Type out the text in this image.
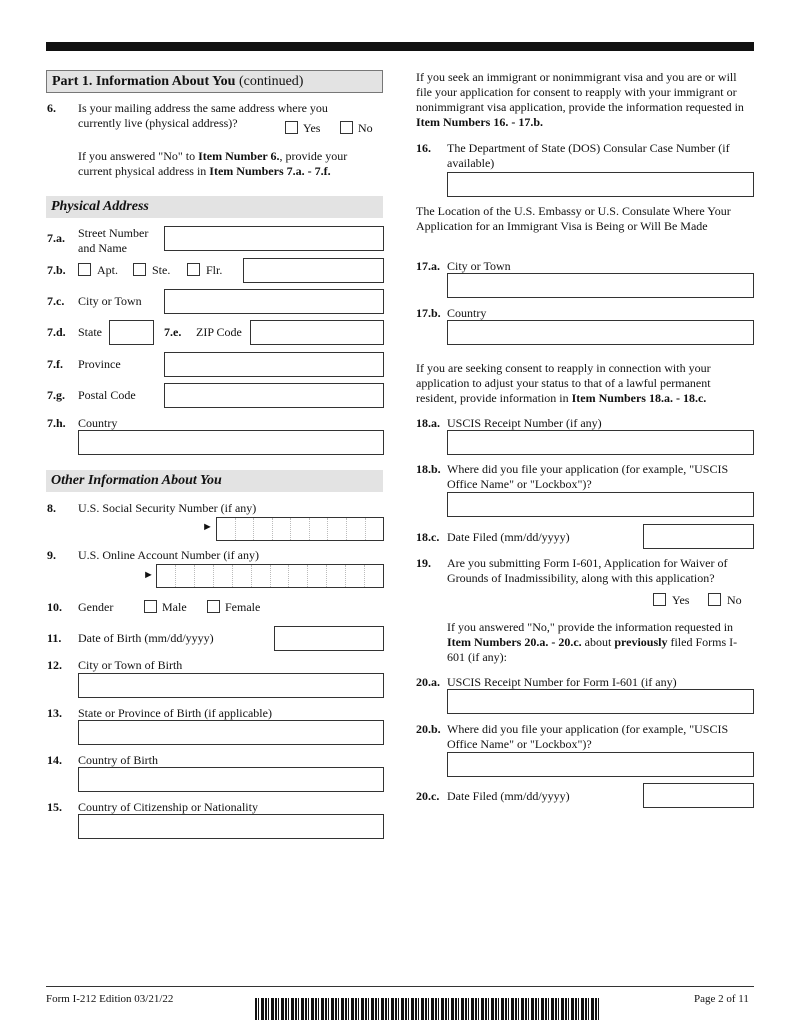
Part 1. Information About You (continued)
6. Is your mailing address the same address where you currently live (physical address)?	Yes	No
If you answered "No" to Item Number 6., provide your current physical address in Item Numbers 7.a. - 7.f.
Physical Address
7.a. Street Number
and Name
7.b.	Apt.	Ste.	Flr.
7.c. City or Town
7.d. State	7.e. ZIP Code
7.f. Province
7.g. Postal Code
7.h. Country
Other Information About You
8. U.S. Social Security Number (if any)
►
9. U.S. Online Account Number (if any)
►
10. Gender	Male	Female
11. Date of Birth (mm/dd/yyyy)
12. City or Town of Birth
13. State or Province of Birth (if applicable)
14. Country of Birth
15. Country of Citizenship or Nationality
If you seek an immigrant or nonimmigrant visa and you are or will file your application for consent to reapply with your immigrant or nonimmigrant visa application, provide the information requested in Item Numbers 16. - 17.b.
16. The Department of State (DOS) Consular Case Number (if available)
The Location of the U.S. Embassy or U.S. Consulate Where Your Application for an Immigrant Visa is Being or Will Be Made
17.a. City or Town
17.b. Country
If you are seeking consent to reapply in connection with your application to adjust your status to that of a lawful permanent resident, provide information in Item Numbers 18.a. - 18.c.
18.a. USCIS Receipt Number (if any)
18.b. Where did you file your application (for example, "USCIS Office Name" or "Lockbox")?
18.c. Date Filed (mm/dd/yyyy)
19. Are you submitting Form I-601, Application for Waiver of Grounds of Inadmissibility, along with this application?
Yes	No
If you answered "No," provide the information requested in Item Numbers 20.a. - 20.c. about previously filed Forms I-601 (if any):
20.a. USCIS Receipt Number for Form I-601 (if any)
20.b. Where did you file your application (for example, "USCIS Office Name" or "Lockbox")?
20.c. Date Filed (mm/dd/yyyy)
Form I-212 Edition 03/21/22	Page 2 of 11
